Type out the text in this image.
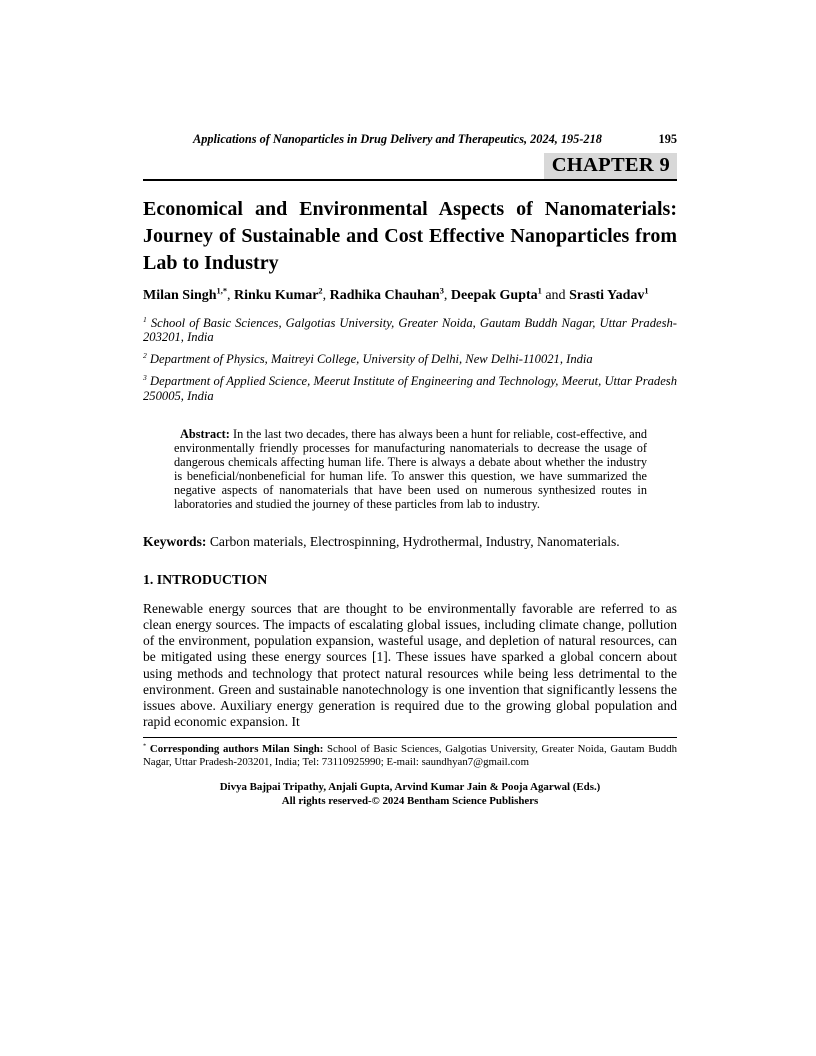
Applications of Nanoparticles in Drug Delivery and Therapeutics, 2024, 195-218	195
CHAPTER 9
Economical and Environmental Aspects of Nanomaterials: Journey of Sustainable and Cost Effective Nanoparticles from Lab to Industry

Milan Singh$^{1,*}$, Rinku Kumar$^2$, Radhika Chauhan$^3$, Deepak Gupta$^1$ and Srasti Yadav$^1$

$^1$ School of Basic Sciences, Galgotias University, Greater Noida, Gautam Buddh Nagar, Uttar Pradesh-203201, India

$^2$ Department of Physics, Maitreyi College, University of Delhi, New Delhi-110021, India

$^3$ Department of Applied Science, Meerut Institute of Engineering and Technology, Meerut, Uttar Pradesh 250005, India

Abstract: In the last two decades, there has always been a hunt for reliable, cost-effective, and environmentally friendly processes for manufacturing nanomaterials to decrease the usage of dangerous chemicals affecting human life. There is always a debate about whether the industry is beneficial/nonbeneficial for human life. To answer this question, we have summarized the negative aspects of nanomaterials that have been used on numerous synthesized routes in laboratories and studied the journey of these particles from lab to industry.

Keywords: Carbon materials, Electrospinning, Hydrothermal, Industry, Nanomaterials.

1. INTRODUCTION

Renewable energy sources that are thought to be environmentally favorable are referred to as clean energy sources. The impacts of escalating global issues, including climate change, pollution of the environment, population expansion, wasteful usage, and depletion of natural resources, can be mitigated using these energy sources [1]. These issues have sparked a global concern about using methods and technology that protect natural resources while being less detrimental to the environment. Green and sustainable nanotechnology is one invention that significantly lessens the issues above. Auxiliary energy generation is required due to the growing global population and rapid economic expansion. It

* Corresponding authors Milan Singh: School of Basic Sciences, Galgotias University, Greater Noida, Gautam Buddh Nagar, Uttar Pradesh-203201, India; Tel: 73110925990; E-mail: saundhyan7@gmail.com
Divya Bajpai Tripathy, Anjali Gupta, Arvind Kumar Jain & Pooja Agarwal (Eds.)
All rights reserved-© 2024 Bentham Science Publishers
